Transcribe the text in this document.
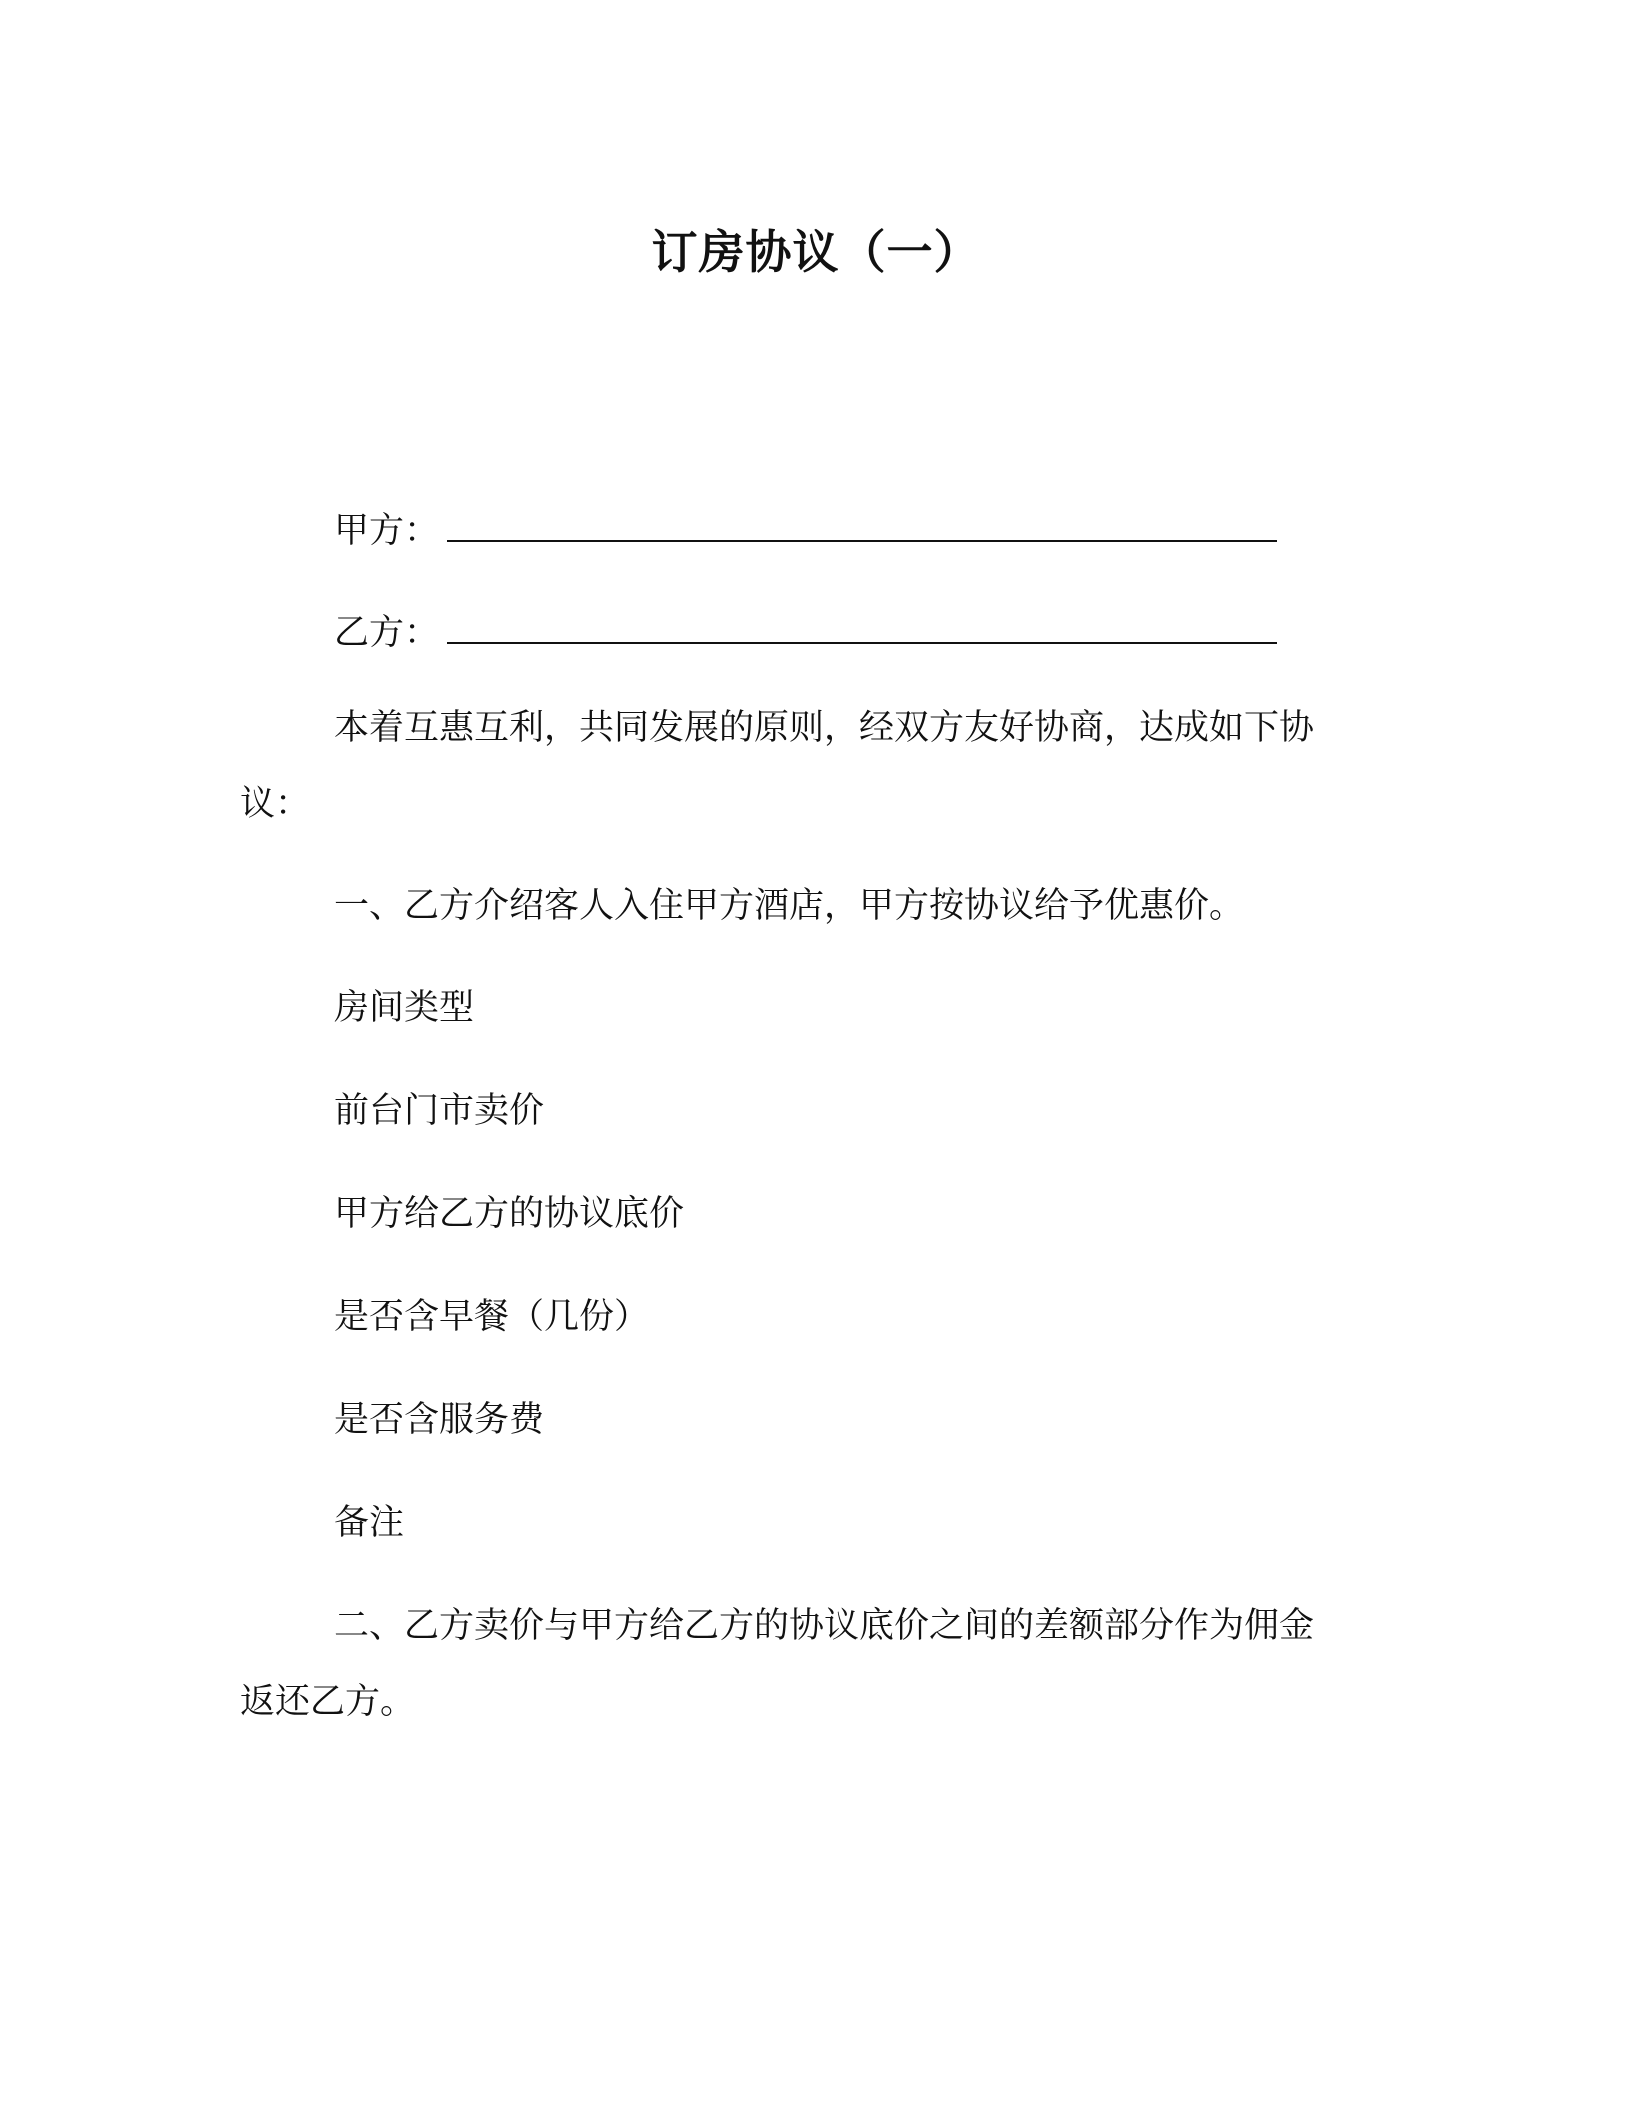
订房协议（一）
甲方：
乙方：
本着互惠互利，共同发展的原则，经双方友好协商，达成如下协
议：
一、乙方介绍客人入住甲方酒店，甲方按协议给予优惠价。
房间类型
前台门市卖价
甲方给乙方的协议底价
是否含早餐（几份）
是否含服务费
备注
二、乙方卖价与甲方给乙方的协议底价之间的差额部分作为佣金
返还乙方。
